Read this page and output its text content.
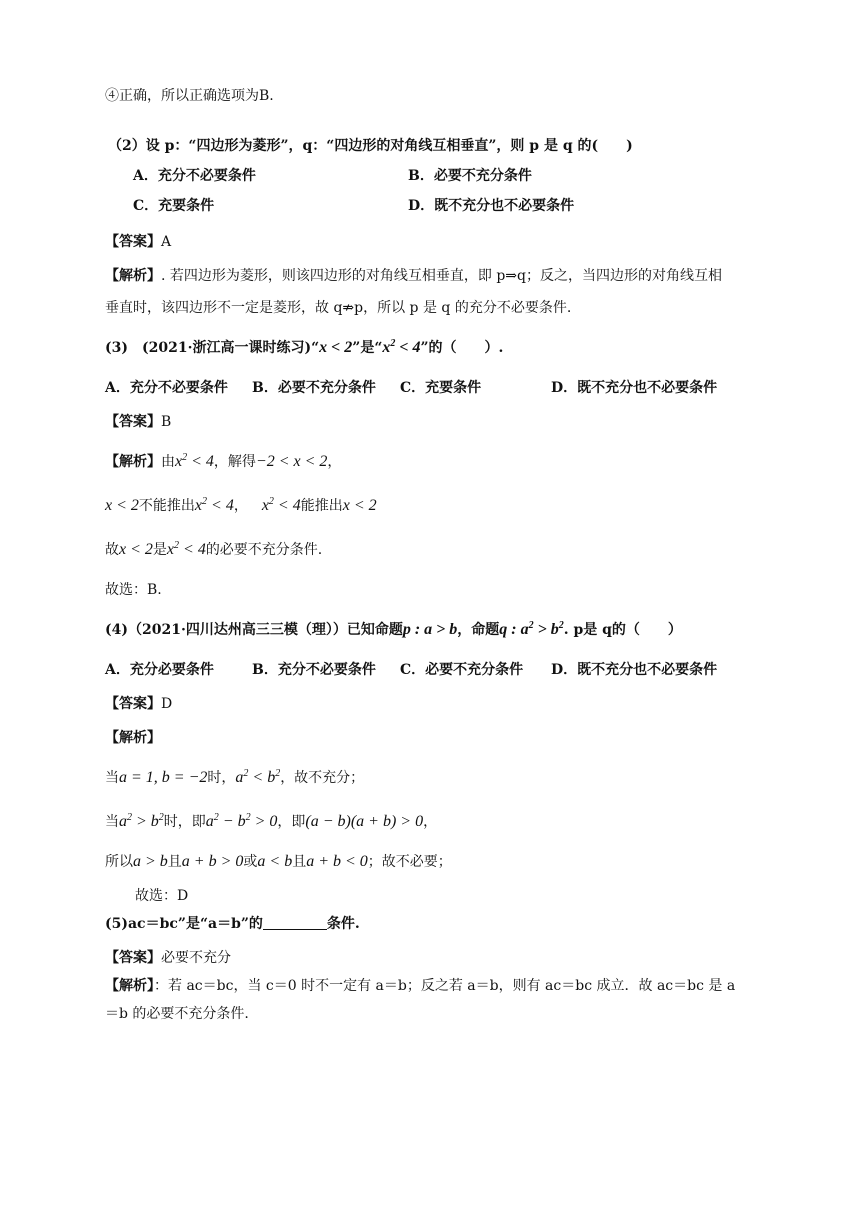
④正确，所以正确选项为B.
（2）设 p：“四边形为菱形”，q：“四边形的对角线互相垂直”，则 p 是 q 的(　　)
A．充分不必要条件	B．必要不充分条件
C．充要条件	D．既不充分也不必要条件
【答案】A
【解析】. 若四边形为菱形，则该四边形的对角线互相垂直，即 p⇒q；反之，当四边形的对角线互相
垂直时，该四边形不一定是菱形，故 q⇏p，所以 p 是 q 的充分不必要条件.
(3)　(2021·浙江高一课时练习)“x < 2”是“$x^2 < 4$”的（　　）.
A．充分不必要条件 B．必要不充分条件 C．充要条件	D．既不充分也不必要条件
【答案】B
【解析】由$x^2 < 4$，解得−2 < x < 2，
x < 2不能推出$x^2 < 4$， $x^2 < 4$能推出x < 2
故x < 2是$x^2 < 4$的必要不充分条件.
故选：B.
(4)（2021·四川达州高三三模（理））已知命题p : a > b，命题q : $a^2 > b^2$. p是 q的（　　）
A．充分必要条件	B．充分不必要条件 C．必要不充分条件 D．既不充分也不必要条件
【答案】D
【解析】
当a = 1, b = −2时，$a^2 < b^2$，故不充分；
当$a^2 > b^2$时，即$a^2 - b^2 > 0$，即(a − b)(a + b) > 0，
所以a > b且a + b > 0或a < b且a + b < 0；故不必要；
故选：D
(5)ac＝bc”是“a＝b”的	条件.
【答案】必要不充分
【解析】：若 ac＝bc，当 c＝0 时不一定有 a＝b；反之若 a＝b，则有 ac＝bc 成立．故 ac＝bc 是 a
＝b 的必要不充分条件.
